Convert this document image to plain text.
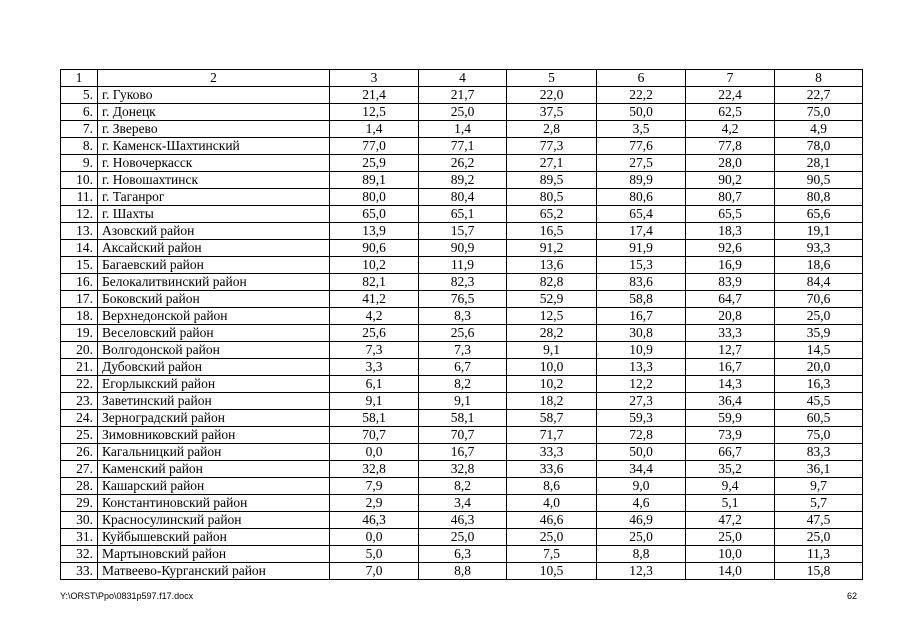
1	2	3	4	5	6	7	8
5.	г. Гуково	21,4	21,7	22,0	22,2	22,4	22,7
6.	г. Донецк	12,5	25,0	37,5	50,0	62,5	75,0
7.	г. Зверево	1,4	1,4	2,8	3,5	4,2	4,9
8.	г. Каменск-Шахтинский	77,0	77,1	77,3	77,6	77,8	78,0
9.	г. Новочеркасск	25,9	26,2	27,1	27,5	28,0	28,1
10.	г. Новошахтинск	89,1	89,2	89,5	89,9	90,2	90,5
11.	г. Таганрог	80,0	80,4	80,5	80,6	80,7	80,8
12.	г. Шахты	65,0	65,1	65,2	65,4	65,5	65,6
13.	Азовский район	13,9	15,7	16,5	17,4	18,3	19,1
14.	Аксайский район	90,6	90,9	91,2	91,9	92,6	93,3
15.	Багаевский район	10,2	11,9	13,6	15,3	16,9	18,6
16.	Белокалитвинский район	82,1	82,3	82,8	83,6	83,9	84,4
17.	Боковский район	41,2	76,5	52,9	58,8	64,7	70,6
18.	Верхнедонской район	4,2	8,3	12,5	16,7	20,8	25,0
19.	Веселовский район	25,6	25,6	28,2	30,8	33,3	35,9
20.	Волгодонской район	7,3	7,3	9,1	10,9	12,7	14,5
21.	Дубовский район	3,3	6,7	10,0	13,3	16,7	20,0
22.	Егорлыкский район	6,1	8,2	10,2	12,2	14,3	16,3
23.	Заветинский район	9,1	9,1	18,2	27,3	36,4	45,5
24.	Зерноградский район	58,1	58,1	58,7	59,3	59,9	60,5
25.	Зимовниковский район	70,7	70,7	71,7	72,8	73,9	75,0
26.	Кагальницкий район	0,0	16,7	33,3	50,0	66,7	83,3
27.	Каменский район	32,8	32,8	33,6	34,4	35,2	36,1
28.	Кашарский район	7,9	8,2	8,6	9,0	9,4	9,7
29.	Константиновский район	2,9	3,4	4,0	4,6	5,1	5,7
30.	Красносулинский район	46,3	46,3	46,6	46,9	47,2	47,5
31.	Куйбышевский район	0,0	25,0	25,0	25,0	25,0	25,0
32.	Мартыновский район	5,0	6,3	7,5	8,8	10,0	11,3
33.	Матвеево-Курганский район	7,0	8,8	10,5	12,3	14,0	15,8
Y:\ORST\Ppo\0831p597.f17.docx	62
